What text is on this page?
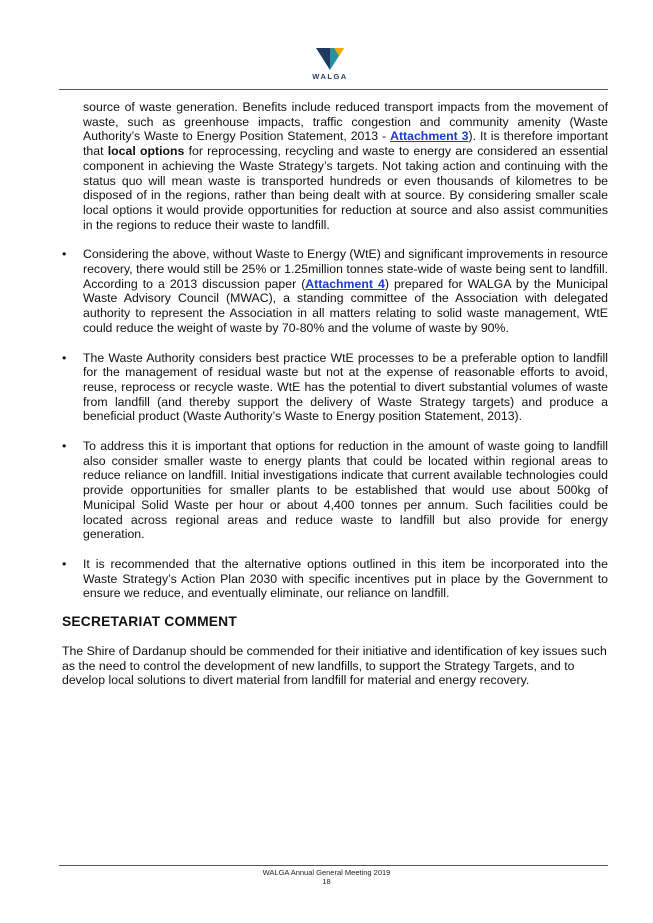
WALGA

source of waste generation. Benefits include reduced transport impacts from the movement of waste, such as greenhouse impacts, traffic congestion and community amenity (Waste Authority’s Waste to Energy Position Statement, 2013 - Attachment 3). It is therefore important that local options for reprocessing, recycling and waste to energy are considered an essential component in achieving the Waste Strategy’s targets. Not taking action and continuing with the status quo will mean waste is transported hundreds or even thousands of kilometres to be disposed of in the regions, rather than being dealt with at source. By considering smaller scale local options it would provide opportunities for reduction at source and also assist communities in the regions to reduce their waste to landfill.

•	Considering the above, without Waste to Energy (WtE) and significant improvements in resource recovery, there would still be 25% or 1.25million tonnes state-wide of waste being sent to landfill. According to a 2013 discussion paper (Attachment 4) prepared for WALGA by the Municipal Waste Advisory Council (MWAC), a standing committee of the Association with delegated authority to represent the Association in all matters relating to solid waste management, WtE could reduce the weight of waste by 70-80% and the volume of waste by 90%.
•	The Waste Authority considers best practice WtE processes to be a preferable option to landfill for the management of residual waste but not at the expense of reasonable efforts to avoid, reuse, reprocess or recycle waste. WtE has the potential to divert substantial volumes of waste from landfill (and thereby support the delivery of Waste Strategy targets) and produce a beneficial product (Waste Authority’s Waste to Energy position Statement, 2013).
•	To address this it is important that options for reduction in the amount of waste going to landfill also consider smaller waste to energy plants that could be located within regional areas to reduce reliance on landfill. Initial investigations indicate that current available technologies could provide opportunities for smaller plants to be established that would use about 500kg of Municipal Solid Waste per hour or about 4,400 tonnes per annum. Such facilities could be located across regional areas and reduce waste to landfill but also provide for energy generation.
•	It is recommended that the alternative options outlined in this item be incorporated into the Waste Strategy’s Action Plan 2030 with specific incentives put in place by the Government to ensure we reduce, and eventually eliminate, our reliance on landfill.
SECRETARIAT COMMENT

The Shire of Dardanup should be commended for their initiative and identification of key issues such as the need to control the development of new landfills, to support the Strategy Targets, and to develop local solutions to divert material from landfill for material and energy recovery.

WALGA Annual General Meeting 2019
18
